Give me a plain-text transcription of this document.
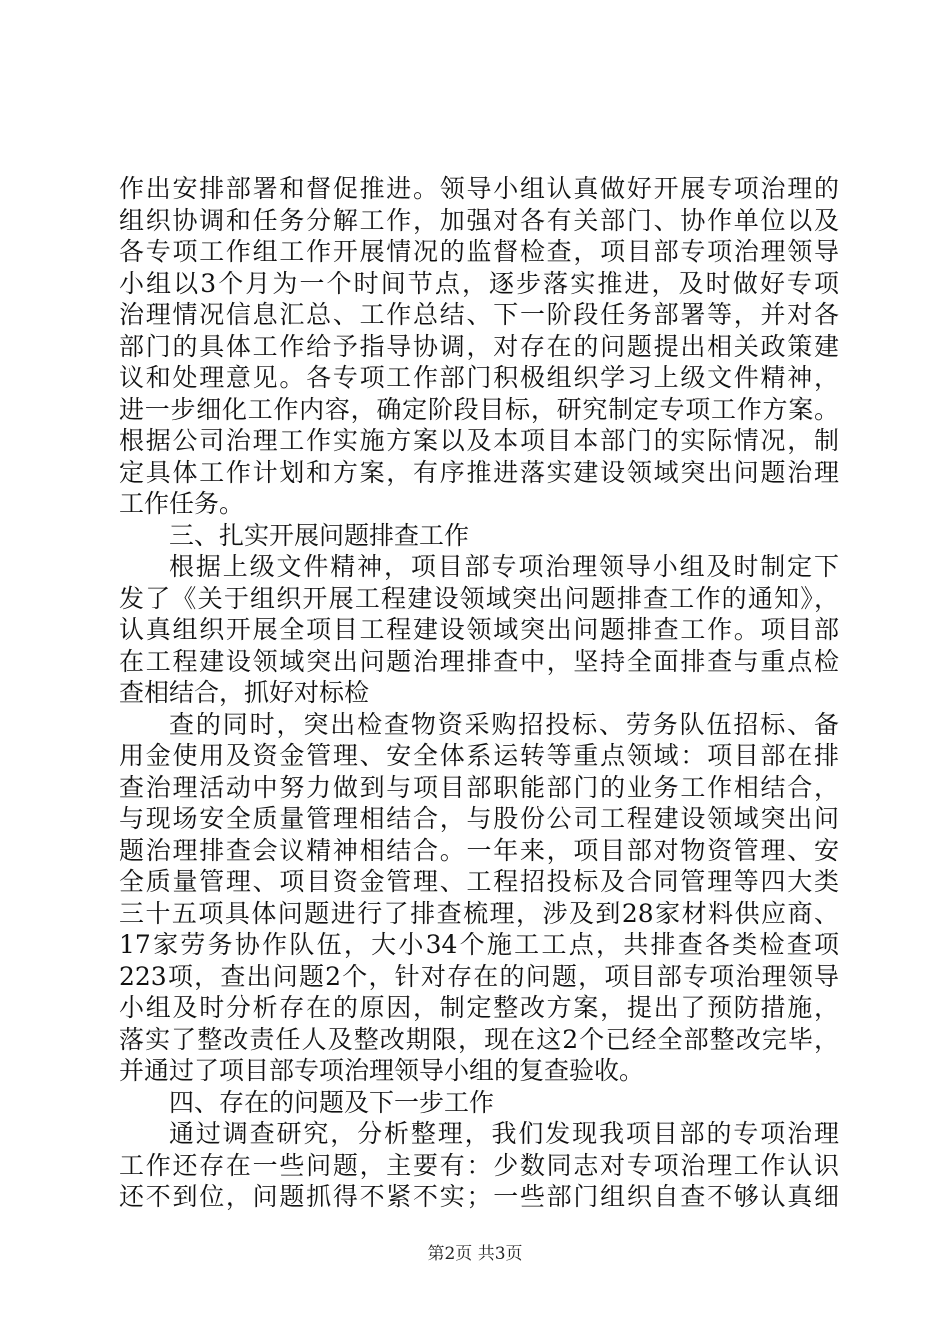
作出安排部署和督促推进。领导小组认真做好开展专项治理的
组织协调和任务分解工作，加强对各有关部门、协作单位以及
各专项工作组工作开展情况的监督检查，项目部专项治理领导
小组以3个月为一个时间节点，逐步落实推进，及时做好专项
治理情况信息汇总、工作总结、下一阶段任务部署等，并对各
部门的具体工作给予指导协调，对存在的问题提出相关政策建
议和处理意见。各专项工作部门积极组织学习上级文件精神，
进一步细化工作内容，确定阶段目标，研究制定专项工作方案。
根据公司治理工作实施方案以及本项目本部门的实际情况，制
定具体工作计划和方案，有序推进落实建设领域突出问题治理
工作任务。
三、扎实开展问题排查工作
根据上级文件精神，项目部专项治理领导小组及时制定下
发了《关于组织开展工程建设领域突出问题排查工作的通知》，
认真组织开展全项目工程建设领域突出问题排查工作。项目部
在工程建设领域突出问题治理排查中，坚持全面排查与重点检
查相结合，抓好对标检
查的同时，突出检查物资采购招投标、劳务队伍招标、备
用金使用及资金管理、安全体系运转等重点领域：项目部在排
查治理活动中努力做到与项目部职能部门的业务工作相结合，
与现场安全质量管理相结合，与股份公司工程建设领域突出问
题治理排查会议精神相结合。一年来，项目部对物资管理、安
全质量管理、项目资金管理、工程招投标及合同管理等四大类
三十五项具体问题进行了排查梳理，涉及到28家材料供应商、
17家劳务协作队伍，大小34个施工工点，共排查各类检查项
223项，查出问题2个，针对存在的问题，项目部专项治理领导
小组及时分析存在的原因，制定整改方案，提出了预防措施，
落实了整改责任人及整改期限，现在这2个已经全部整改完毕，
并通过了项目部专项治理领导小组的复查验收。
四、存在的问题及下一步工作
通过调查研究，分析整理，我们发现我项目部的专项治理
工作还存在一些问题，主要有：少数同志对专项治理工作认识
还不到位，问题抓得不紧不实；一些部门组织自查不够认真细
第2页 共3页
